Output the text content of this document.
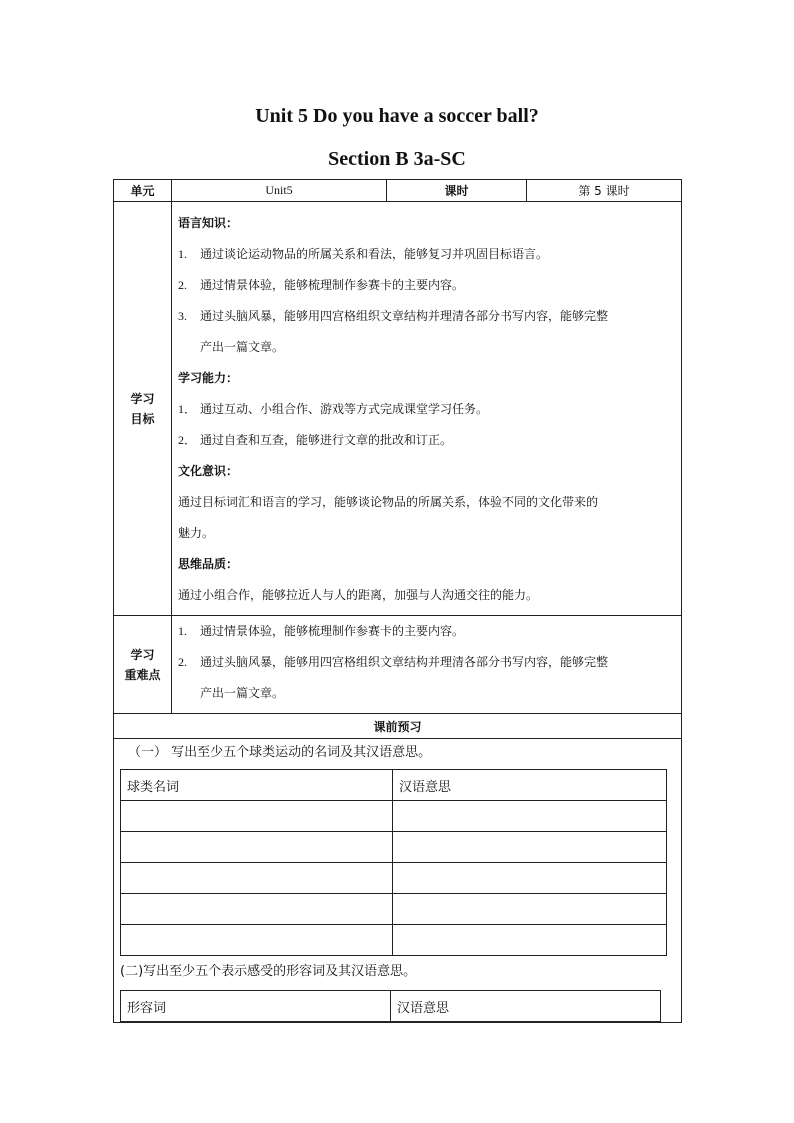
Unit 5 Do you have a soccer ball?
Section B 3a-SC
单元	Unit5	课时	第 5 课时

学习
目标

语言知识：
1. 通过谈论运动物品的所属关系和看法，能够复习并巩固目标语言。
2. 通过情景体验，能够梳理制作参赛卡的主要内容。
3. 通过头脑风暴，能够用四宫格组织文章结构并理清各部分书写内容，能够完整
产出一篇文章。
学习能力：
1． 通过互动、小组合作、游戏等方式完成课堂学习任务。
2． 通过自查和互查，能够进行文章的批改和订正。
文化意识：
通过目标词汇和语言的学习，能够谈论物品的所属关系，体验不同的文化带来的
魅力。
思维品质：
通过小组合作，能够拉近人与人的距离，加强与人沟通交往的能力。

学习
重难点

1. 通过情景体验，能够梳理制作参赛卡的主要内容。
2. 通过头脑风暴，能够用四宫格组织文章结构并理清各部分书写内容，能够完整
产出一篇文章。

课前预习

（一） 写出至少五个球类运动的名词及其汉语意思。
球类名词	汉语意思

(二)写出至少五个表示感受的形容词及其汉语意思。
形容词	汉语意思
